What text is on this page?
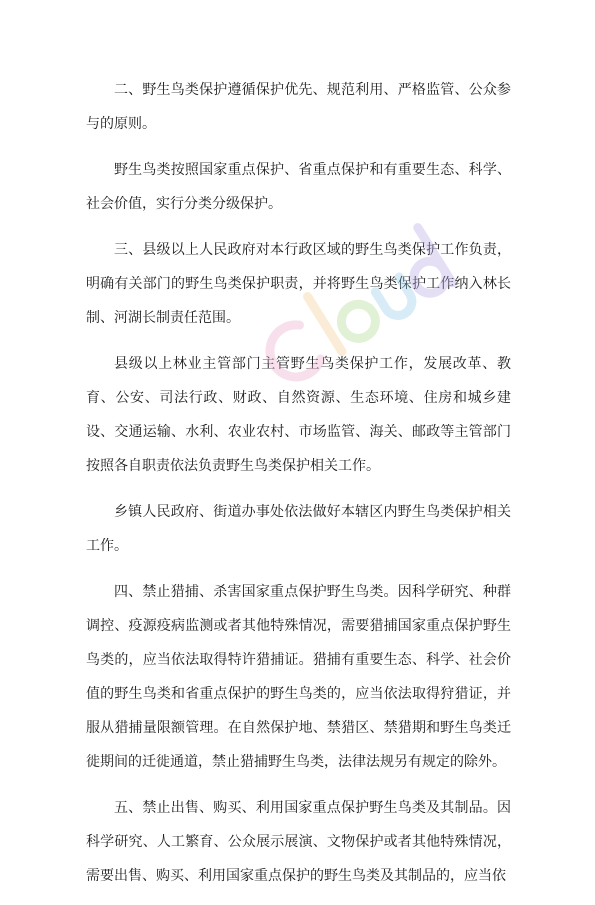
二、野生鸟类保护遵循保护优先、规范利用、严格监管、公众参与的原则。

野生鸟类按照国家重点保护、省重点保护和有重要生态、科学、社会价值，实行分类分级保护。

三、县级以上人民政府对本行政区域的野生鸟类保护工作负责，明确有关部门的野生鸟类保护职责，并将野生鸟类保护工作纳入林长制、河湖长制责任范围。

县级以上林业主管部门主管野生鸟类保护工作，发展改革、教育、公安、司法行政、财政、自然资源、生态环境、住房和城乡建设、交通运输、水利、农业农村、市场监管、海关、邮政等主管部门按照各自职责依法负责野生鸟类保护相关工作。

乡镇人民政府、街道办事处依法做好本辖区内野生鸟类保护相关工作。

四、禁止猎捕、杀害国家重点保护野生鸟类。因科学研究、种群调控、疫源疫病监测或者其他特殊情况，需要猎捕国家重点保护野生鸟类的，应当依法取得特许猎捕证。猎捕有重要生态、科学、社会价值的野生鸟类和省重点保护的野生鸟类的，应当依法取得狩猎证，并服从猎捕量限额管理。在自然保护地、禁猎区、禁猎期和野生鸟类迁徙期间的迁徙通道，禁止猎捕野生鸟类，法律法规另有规定的除外。

五、禁止出售、购买、利用国家重点保护野生鸟类及其制品。因科学研究、人工繁育、公众展示展演、文物保护或者其他特殊情况，需要出售、购买、利用国家重点保护的野生鸟类及其制品的，应当依
